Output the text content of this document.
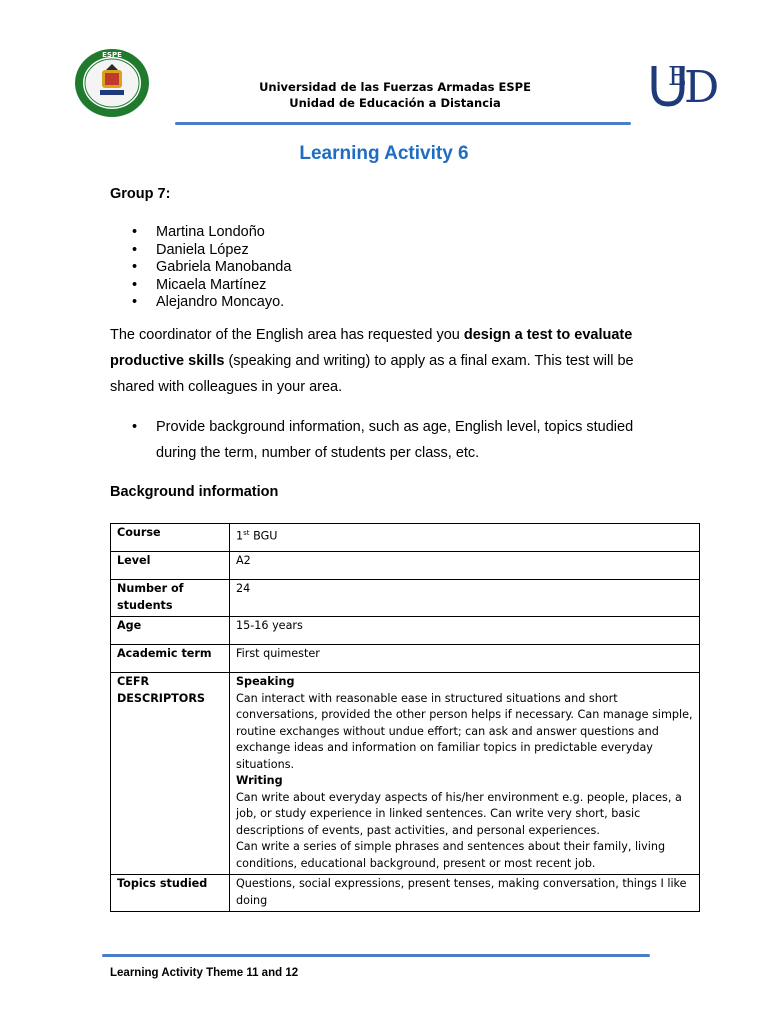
ESPE
Universidad de las Fuerzas Armadas ESPE
Unidad de Educación a Distancia
E
D
Learning Activity 6
Group 7:
• Martina Londoño
• Daniela López
• Gabriela Manobanda
• Micaela Martínez
• Alejandro Moncayo.
The coordinator of the English area has requested you design a test to evaluate productive skills (speaking and writing) to apply as a final exam. This test will be shared with colleagues in your area.
• Provide background information, such as age, English level, topics studied during the term, number of students per class, etc.
Background information
Course	1st BGU
Level	A2
Number of students	24
Age	15-16 years
Academic term	First quimester
CEFR DESCRIPTORS	Speaking
Can interact with reasonable ease in structured situations and short conversations, provided the other person helps if necessary. Can manage simple, routine exchanges without undue effort; can ask and answer questions and exchange ideas and information on familiar topics in predictable everyday situations.
Writing
Can write about everyday aspects of his/her environment e.g. people, places, a job, or study experience in linked sentences. Can write very short, basic descriptions of events, past activities, and personal experiences.
Can write a series of simple phrases and sentences about their family, living conditions, educational background, present or most recent job.

Topics studied	Questions, social expressions, present tenses, making conversation, things I like doing
Learning Activity Theme 11 and 12
